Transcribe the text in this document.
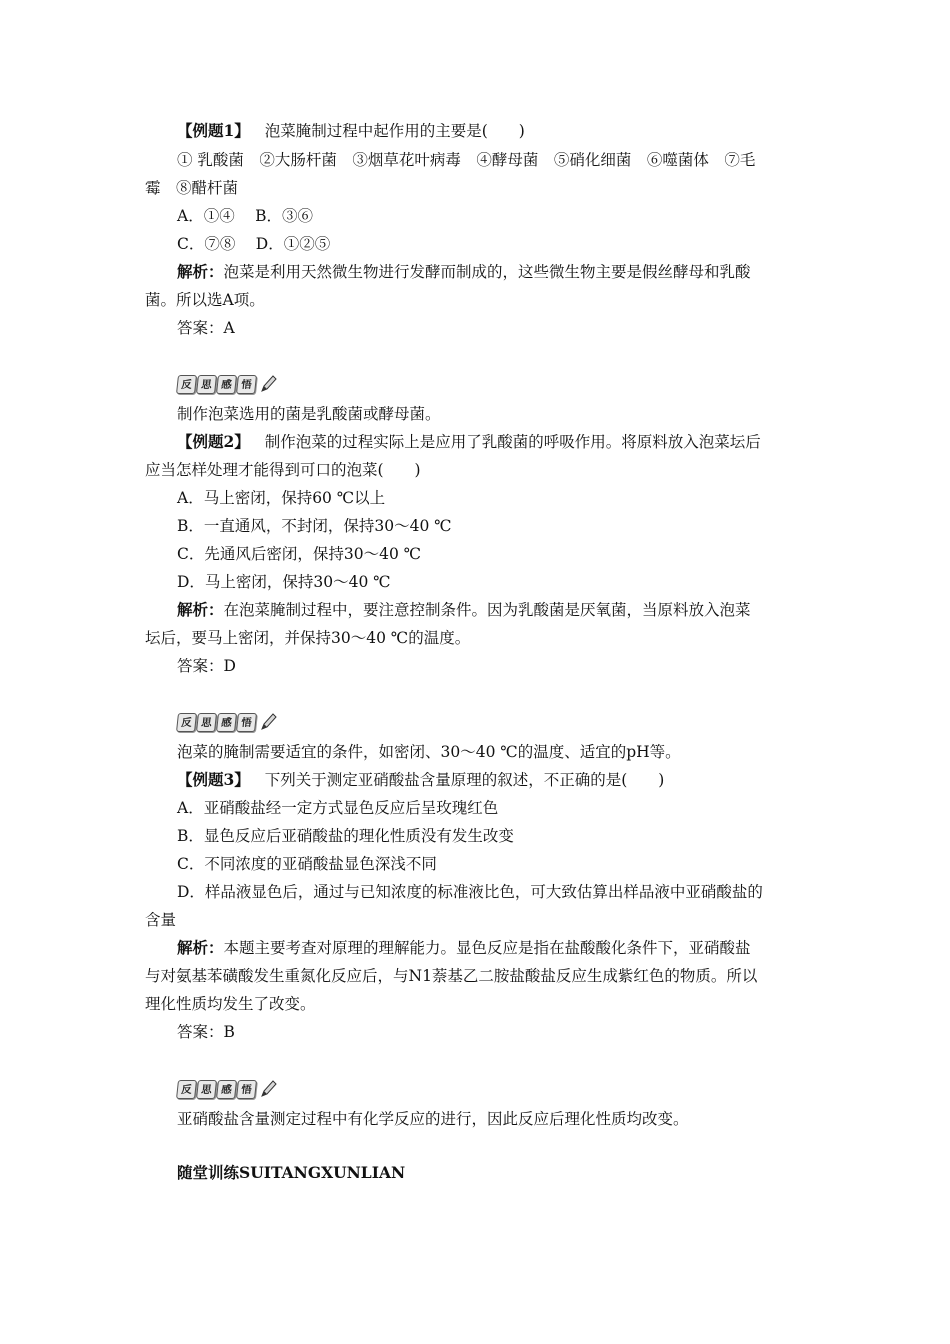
【例题1】 泡菜腌制过程中起作用的主要是(　　)
① 乳酸菌　②大肠杆菌　③烟草花叶病毒　④酵母菌　⑤硝化细菌　⑥噬菌体　⑦毛
霉　⑧醋杆菌
A．①④　 B．③⑥
C．⑦⑧　 D．①②⑤
解析：泡菜是利用天然微生物进行发酵而制成的，这些微生物主要是假丝酵母和乳酸
菌。所以选A项。
答案：A
反 思 感 悟
制作泡菜选用的菌是乳酸菌或酵母菌。
【例题2】 制作泡菜的过程实际上是应用了乳酸菌的呼吸作用。将原料放入泡菜坛后
应当怎样处理才能得到可口的泡菜(　　)
A．马上密闭，保持60 ℃以上
B．一直通风，不封闭，保持30～40 ℃
C．先通风后密闭，保持30～40 ℃
D．马上密闭，保持30～40 ℃
解析：在泡菜腌制过程中，要注意控制条件。因为乳酸菌是厌氧菌，当原料放入泡菜
坛后，要马上密闭，并保持30～40 ℃的温度。
答案：D
反 思 感 悟
泡菜的腌制需要适宜的条件，如密闭、30～40 ℃的温度、适宜的pH等。
【例题3】 下列关于测定亚硝酸盐含量原理的叙述，不正确的是(　　)
A．亚硝酸盐经一定方式显色反应后呈玫瑰红色
B．显色反应后亚硝酸盐的理化性质没有发生改变
C．不同浓度的亚硝酸盐显色深浅不同
D．样品液显色后，通过与已知浓度的标准液比色，可大致估算出样品液中亚硝酸盐的
含量
解析：本题主要考查对原理的理解能力。显色反应是指在盐酸酸化条件下，亚硝酸盐
与对氨基苯磺酸发生重氮化反应后，与N1萘基乙二胺盐酸盐反应生成紫红色的物质。所以
理化性质均发生了改变。
答案：B
反 思 感 悟
亚硝酸盐含量测定过程中有化学反应的进行，因此反应后理化性质均改变。
随堂训练SUITANGXUNLIAN
